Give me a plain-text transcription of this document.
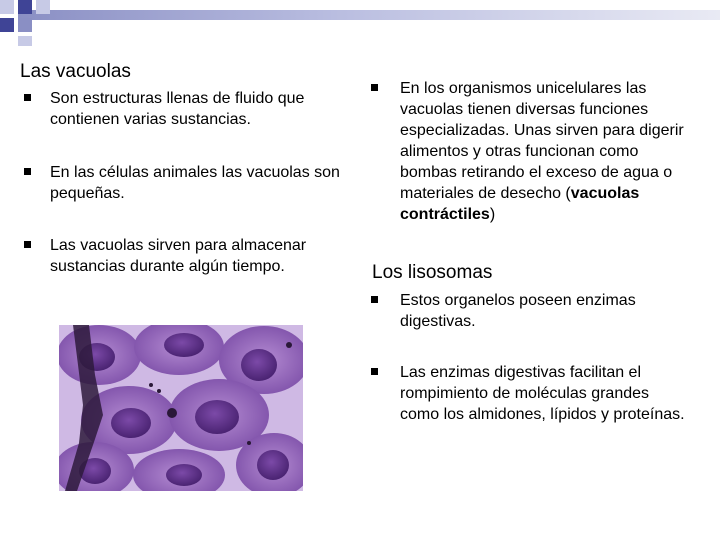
Las vacuolas
Son estructuras llenas de fluido que contienen varias sustancias.
En las células animales las vacuolas son pequeñas.
Las vacuolas sirven para almacenar sustancias durante algún tiempo.
En los organismos unicelulares las vacuolas tienen diversas funciones especializadas. Unas sirven para digerir alimentos y otras funcionan como bombas retirando el exceso de agua o materiales de desecho (vacuolas contráctiles)
Los lisosomas
Estos organelos poseen enzimas digestivas.
Las enzimas digestivas facilitan el rompimiento de moléculas grandes como los almidones, lípidos y proteínas.
